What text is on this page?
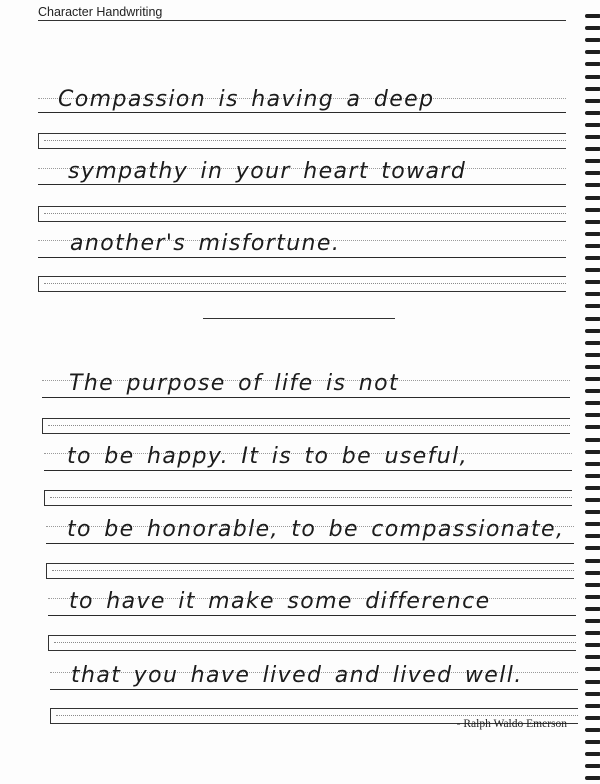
Character Handwriting
Compassion is having a deep
sympathy in your heart toward
another's misfortune.
The purpose of life is not
to be happy. It is to be useful,
to be honorable, to be compassionate,
to have it make some difference
that you have lived and lived well.
- Ralph Waldo Emerson
